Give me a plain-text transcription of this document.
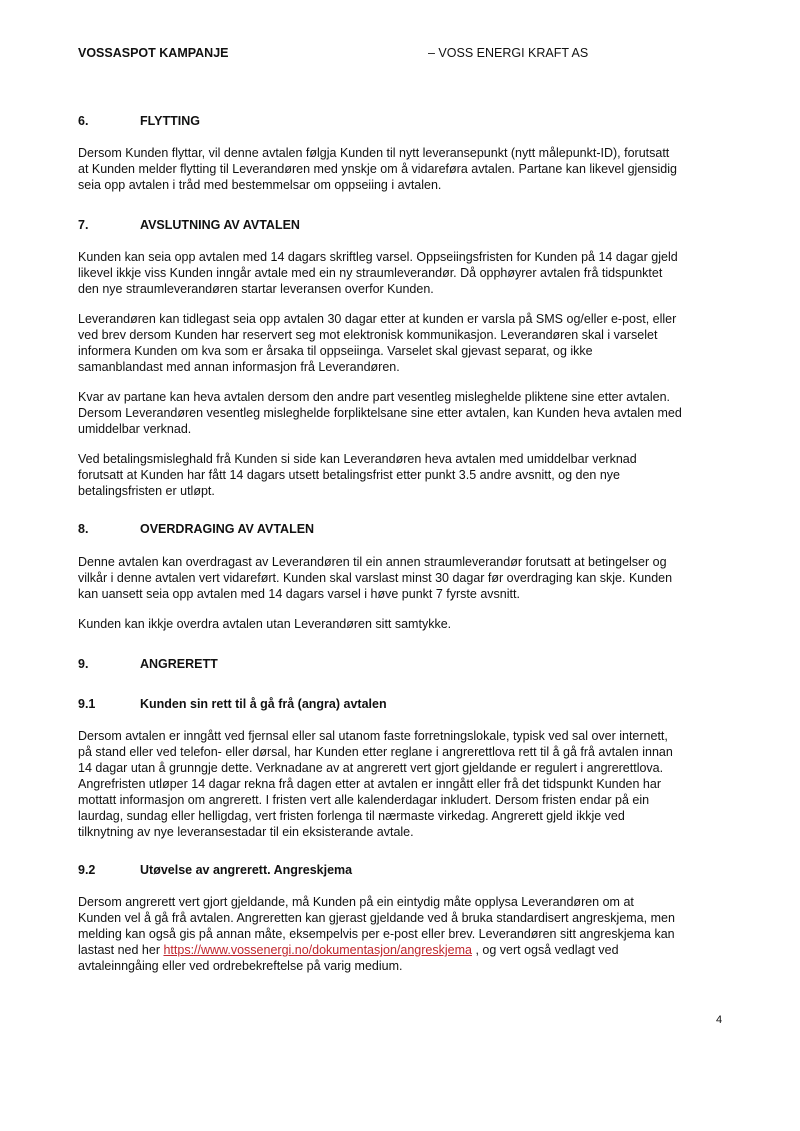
VOSSASPOT KAMPANJE	– VOSS ENERGI KRAFT AS
6.	FLYTTING
Dersom Kunden flyttar, vil denne avtalen følgja Kunden til nytt leveransepunkt (nytt målepunkt-ID), forutsatt
at Kunden melder flytting til Leverandøren med ynskje om å vidareføra avtalen. Partane kan likevel gjensidig
seia opp avtalen i tråd med bestemmelsar om oppseiing i avtalen.
7.	AVSLUTNING AV AVTALEN
Kunden kan seia opp avtalen med 14 dagars skriftleg varsel. Oppseiingsfristen for Kunden på 14 dagar gjeld
likevel ikkje viss Kunden inngår avtale med ein ny straumleverandør. Då opphøyrer avtalen frå tidspunktet
den nye straumleverandøren startar leveransen overfor Kunden.
Leverandøren kan tidlegast seia opp avtalen 30 dagar etter at kunden er varsla på SMS og/eller e-post, eller
ved brev dersom Kunden har reservert seg mot elektronisk kommunikasjon. Leverandøren skal i varselet
informera Kunden om kva som er årsaka til oppseiinga. Varselet skal gjevast separat, og ikke
samanblandast med annan informasjon frå Leverandøren.
Kvar av partane kan heva avtalen dersom den andre part vesentleg misleghelde pliktene sine etter avtalen.
Dersom Leverandøren vesentleg misleghelde forpliktelsane sine etter avtalen, kan Kunden heva avtalen med
umiddelbar verknad.
Ved betalingsmisleghald frå Kunden si side kan Leverandøren heva avtalen med umiddelbar verknad
forutsatt at Kunden har fått 14 dagars utsett betalingsfrist etter punkt 3.5 andre avsnitt, og den nye
betalingsfristen er utløpt.
8.	OVERDRAGING AV AVTALEN
Denne avtalen kan overdragast av Leverandøren til ein annen straumleverandør forutsatt at betingelser og
vilkår i denne avtalen vert vidareført. Kunden skal varslast minst 30 dagar før overdraging kan skje. Kunden
kan uansett seia opp avtalen med 14 dagars varsel i høve punkt 7 fyrste avsnitt.
Kunden kan ikkje overdra avtalen utan Leverandøren sitt samtykke.
9.	ANGRERETT
9.1	Kunden sin rett til å gå frå (angra) avtalen
Dersom avtalen er inngått ved fjernsal eller sal utanom faste forretningslokale, typisk ved sal over internett,
på stand eller ved telefon- eller dørsal, har Kunden etter reglane i angrerettlova rett til å gå frå avtalen innan
14 dagar utan å grunngje dette. Verknadane av at angrerett vert gjort gjeldande er regulert i angrerettlova.
Angrefristen utløper 14 dagar rekna frå dagen etter at avtalen er inngått eller frå det tidspunkt Kunden har
mottatt informasjon om angrerett. I fristen vert alle kalenderdagar inkludert. Dersom fristen endar på ein
laurdag, sundag eller helligdag, vert fristen forlenga til nærmaste virkedag. Angrerett gjeld ikkje ved
tilknytning av nye leveransestadar til ein eksisterande avtale.
9.2	Utøvelse av angrerett. Angreskjema
Dersom angrerett vert gjort gjeldande, må Kunden på ein eintydig måte opplysa Leverandøren om at
Kunden vel å gå frå avtalen. Angreretten kan gjerast gjeldande ved å bruka standardisert angreskjema, men
melding kan også gis på annan måte, eksempelvis per e-post eller brev. Leverandøren sitt angreskjema kan
lastast ned her https://www.vossenergi.no/dokumentasjon/angreskjema , og vert også vedlagt ved
avtaleinngåing eller ved ordrebekreftelse på varig medium.
4
